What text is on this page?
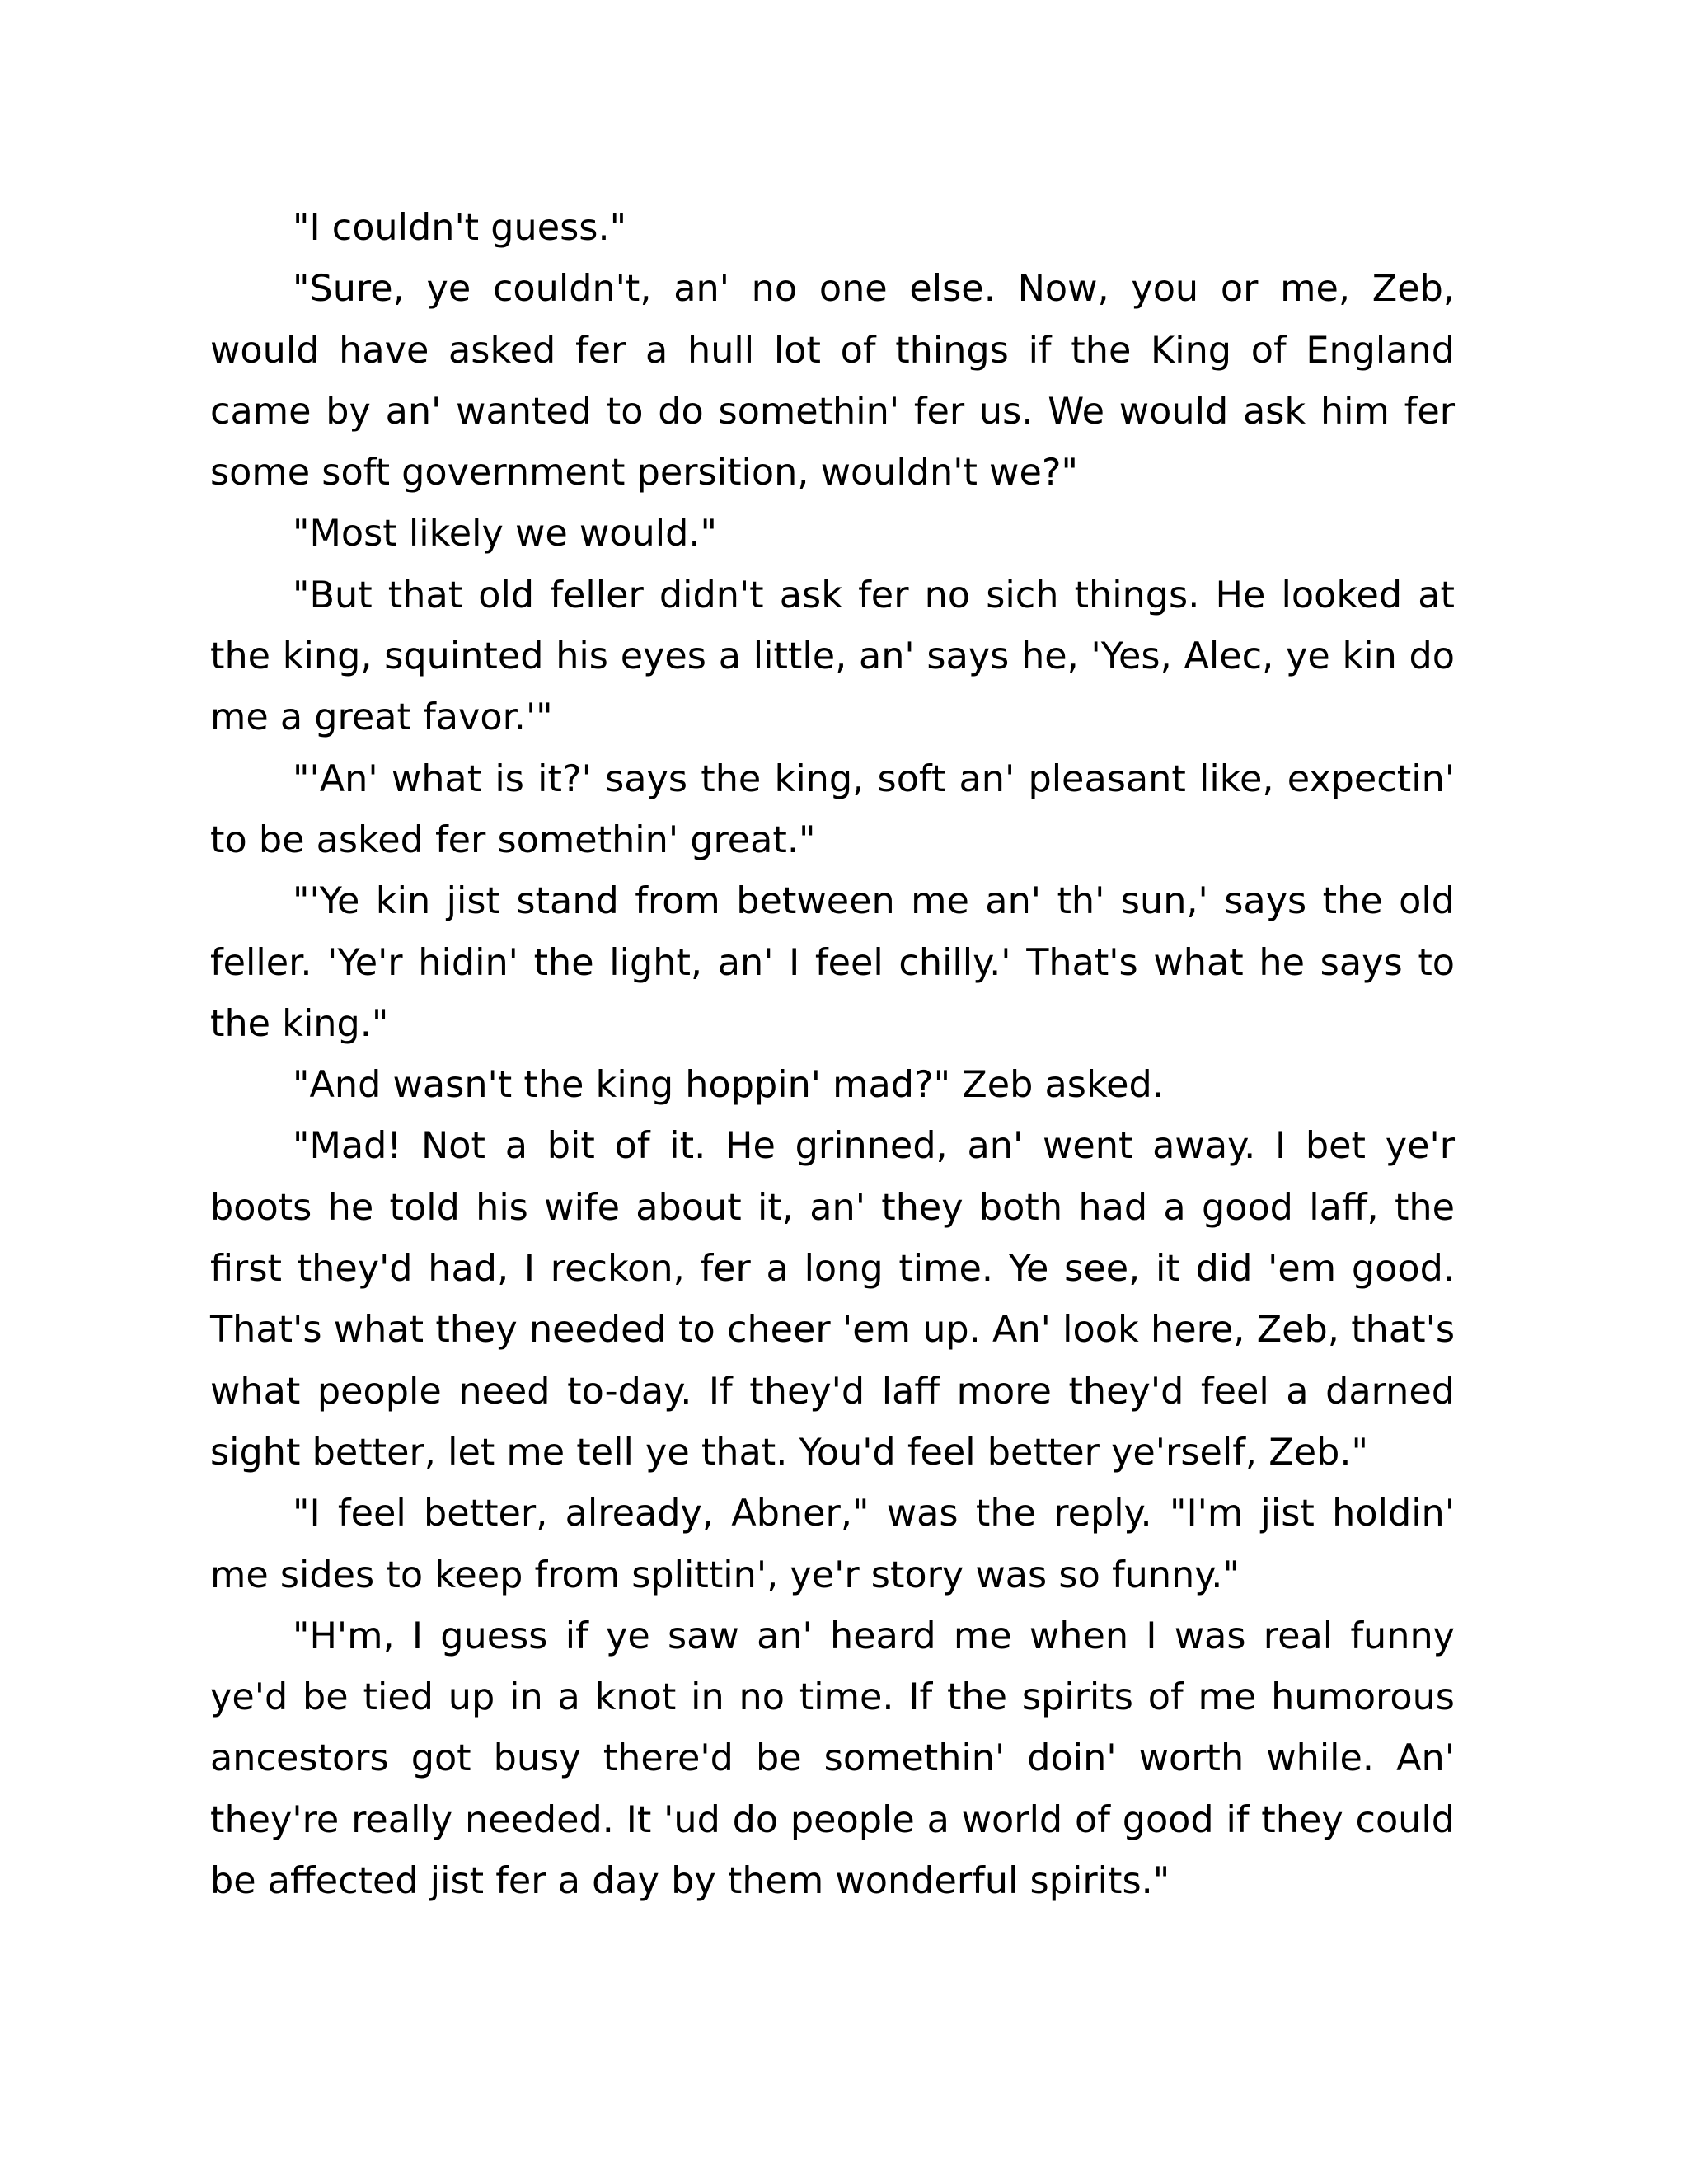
"I couldn't guess."

"Sure, ye couldn't, an' no one else. Now, you or me, Zeb, would have asked fer a hull lot of things if the King of England came by an' wanted to do somethin' fer us. We would ask him fer some soft government persition, wouldn't we?"

"Most likely we would."

"But that old feller didn't ask fer no sich things. He looked at the king, squinted his eyes a little, an' says he, 'Yes, Alec, ye kin do me a great favor.'"

"'An' what is it?' says the king, soft an' pleasant like, expectin' to be asked fer somethin' great."

"'Ye kin jist stand from between me an' th' sun,' says the old feller. 'Ye'r hidin' the light, an' I feel chilly.' That's what he says to the king."

"And wasn't the king hoppin' mad?" Zeb asked.

"Mad! Not a bit of it. He grinned, an' went away. I bet ye'r boots he told his wife about it, an' they both had a good laff, the first they'd had, I reckon, fer a long time. Ye see, it did 'em good. That's what they needed to cheer 'em up. An' look here, Zeb, that's what people need to-day. If they'd laff more they'd feel a darned sight better, let me tell ye that. You'd feel better ye'rself, Zeb."

"I feel better, already, Abner," was the reply. "I'm jist holdin' me sides to keep from splittin', ye'r story was so funny."

"H'm, I guess if ye saw an' heard me when I was real funny ye'd be tied up in a knot in no time. If the spirits of me humorous ancestors got busy there'd be somethin' doin' worth while. An' they're really needed. It 'ud do people a world of good if they could be affected jist fer a day by them wonderful spirits."
